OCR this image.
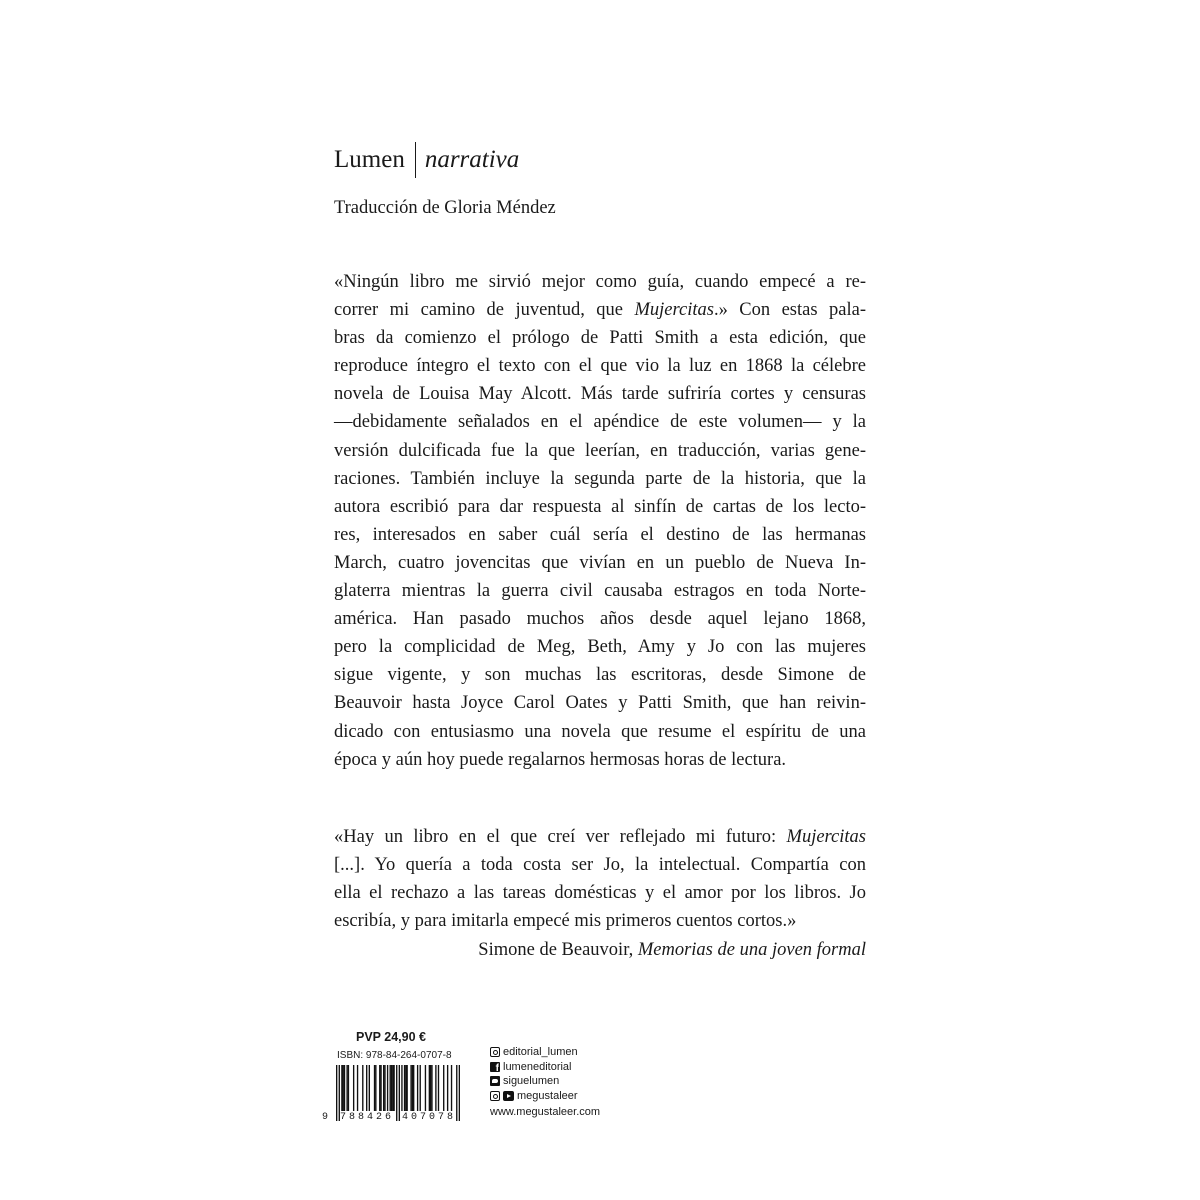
Lumen narrativa
Traducción de Gloria Méndez
«Ningún libro me sirvió mejor como guía, cuando empecé a re-
correr mi camino de juventud, que Mujercitas.» Con estas pala-
bras da comienzo el prólogo de Patti Smith a esta edición, que
reproduce íntegro el texto con el que vio la luz en 1868 la célebre
novela de Louisa May Alcott. Más tarde sufriría cortes y censuras
—debidamente señalados en el apéndice de este volumen— y la
versión dulcificada fue la que leerían, en traducción, varias gene-
raciones. También incluye la segunda parte de la historia, que la
autora escribió para dar respuesta al sinfín de cartas de los lecto-
res, interesados en saber cuál sería el destino de las hermanas
March, cuatro jovencitas que vivían en un pueblo de Nueva In-
glaterra mientras la guerra civil causaba estragos en toda Norte-
américa. Han pasado muchos años desde aquel lejano 1868,
pero la complicidad de Meg, Beth, Amy y Jo con las mujeres
sigue vigente, y son muchas las escritoras, desde Simone de
Beauvoir hasta Joyce Carol Oates y Patti Smith, que han reivin-
dicado con entusiasmo una novela que resume el espíritu de una
época y aún hoy puede regalarnos hermosas horas de lectura.
«Hay un libro en el que creí ver reflejado mi futuro: Mujercitas
[...]. Yo quería a toda costa ser Jo, la intelectual. Compartía con
ella el rechazo a las tareas domésticas y el amor por los libros. Jo
escribía, y para imitarla empecé mis primeros cuentos cortos.»
Simone de Beauvoir, Memorias de una joven formal
PVP 24,90 €
ISBN: 978-84-264-0707-8
9	788426 407078
editorial_lumen
f
lumeneditorial
siguelumen
megustaleer
www.megustaleer.com
